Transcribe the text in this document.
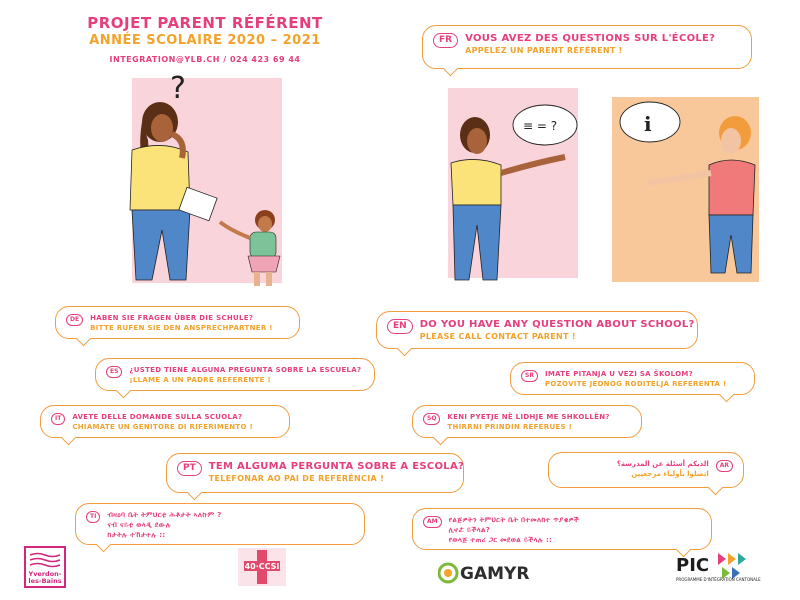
PROJET PARENT RÉFÉRENT
ANNÉE SCOLAIRE 2020 – 2021
INTEGRATION@YLB.CH / 024 423 69 44
?
≡ = ?	i
FR	VOUS AVEZ DES QUESTIONS SUR L'ÉCOLE?
APPELEZ UN PARENT RÉFÉRENT !
DE	HABEN SIE FRAGEN ÜBER DIE SCHULE?
BITTE RUFEN SIE DEN ANSPRECHPARTNER !	EN	DO YOU HAVE ANY QUESTION ABOUT SCHOOL?
PLEASE CALL CONTACT PARENT !
ES	¿USTED TIENE ALGUNA PREGUNTA SOBRE LA ESCUELA?
¡LLAME A UN PADRE REFERENTE !
SR	IMATE PITANJA U VEZI SA ŠKOLOM?
POZOVITE JEDNOG RODITELJA REFERENTA !
IT	AVETE DELLE DOMANDE SULLA SCUOLA?
CHIAMATE UN GENITORE DI RIFERIMENTO !
SQ	KENI PYETJE NË LIDHJE ME SHKOLLËN?
THIRRNI PRINDIN REFERUES !
PT	TEM ALGUMA PERGUNTA SOBRE A ESCOLA?
TELEFONAR AO PAI DE REFERÊNCIA !
AR
الديكم أسئلة عن المدرسة؟
اتصلوا بأولياء مرجعيين
TI	ብዛዕባ ቤት ትምህርቲ ሕቶታት ኣለኩም ?
ናብ ናይቲ ወላዲ ደውሉ
ከታትሉ ተኸታተሉ ::
AM	የልጅዎትን ትምህርት ቤት በተመለከተ ጥያቄዎች
ሊኖሯ ይችላል?
የወላጅ ተጠሪ ጋር መደወል ይችላሉ ::
Yverdon-les-Bains
40·CCSI	GAMYR	PIC
PROGRAMME D'INTÉGRATION CANTONALE
